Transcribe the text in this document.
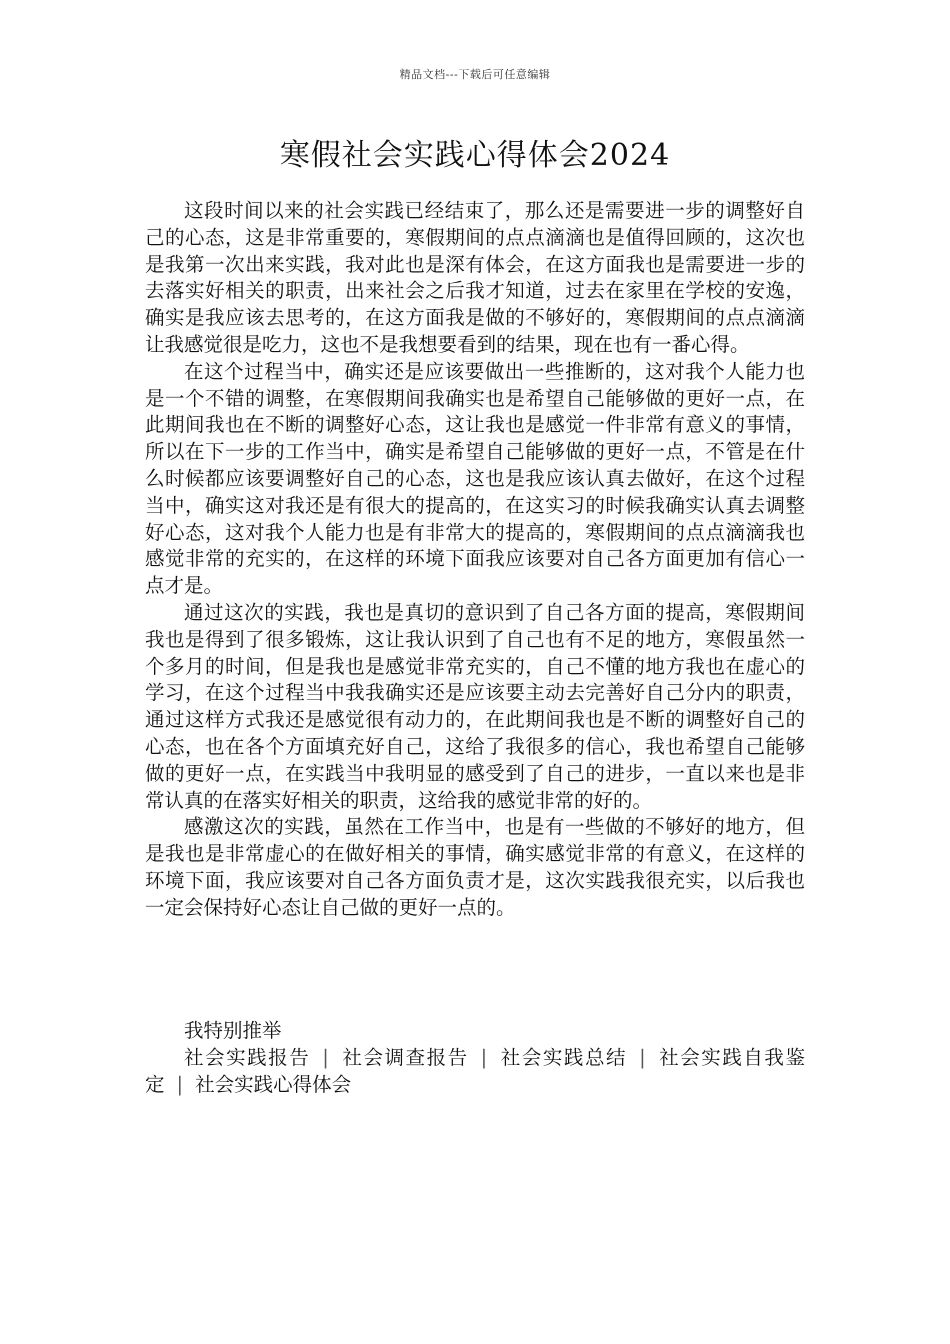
精品文档---下载后可任意编辑
寒假社会实践心得体会2024

这段时间以来的社会实践已经结束了，那么还是需要进一步的调整好自己的心态，这是非常重要的，寒假期间的点点滴滴也是值得回顾的，这次也是我第一次出来实践，我对此也是深有体会，在这方面我也是需要进一步的去落实好相关的职责，出来社会之后我才知道，过去在家里在学校的安逸，确实是我应该去思考的，在这方面我是做的不够好的，寒假期间的点点滴滴让我感觉很是吃力，这也不是我想要看到的结果，现在也有一番心得。

在这个过程当中，确实还是应该要做出一些推断的，这对我个人能力也是一个不错的调整，在寒假期间我确实也是希望自己能够做的更好一点，在此期间我也在不断的调整好心态，这让我也是感觉一件非常有意义的事情，所以在下一步的工作当中，确实是希望自己能够做的更好一点，不管是在什么时候都应该要调整好自己的心态，这也是我应该认真去做好，在这个过程当中，确实这对我还是有很大的提高的，在这实习的时候我确实认真去调整好心态，这对我个人能力也是有非常大的提高的，寒假期间的点点滴滴我也感觉非常的充实的，在这样的环境下面我应该要对自己各方面更加有信心一点才是。

通过这次的实践，我也是真切的意识到了自己各方面的提高，寒假期间我也是得到了很多锻炼，这让我认识到了自己也有不足的地方，寒假虽然一个多月的时间，但是我也是感觉非常充实的，自己不懂的地方我也在虚心的学习，在这个过程当中我我确实还是应该要主动去完善好自己分内的职责，通过这样方式我还是感觉很有动力的，在此期间我也是不断的调整好自己的心态，也在各个方面填充好自己，这给了我很多的信心，我也希望自己能够做的更好一点，在实践当中我明显的感受到了自己的进步，一直以来也是非常认真的在落实好相关的职责，这给我的感觉非常的好的。

感激这次的实践，虽然在工作当中，也是有一些做的不够好的地方，但是我也是非常虚心的在做好相关的事情，确实感觉非常的有意义，在这样的环境下面，我应该要对自己各方面负责才是，这次实践我很充实，以后我也一定会保持好心态让自己做的更好一点的。

我特别推举

社会实践报告 | 社会调查报告 | 社会实践总结 | 社会实践自我鉴定 | 社会实践心得体会
